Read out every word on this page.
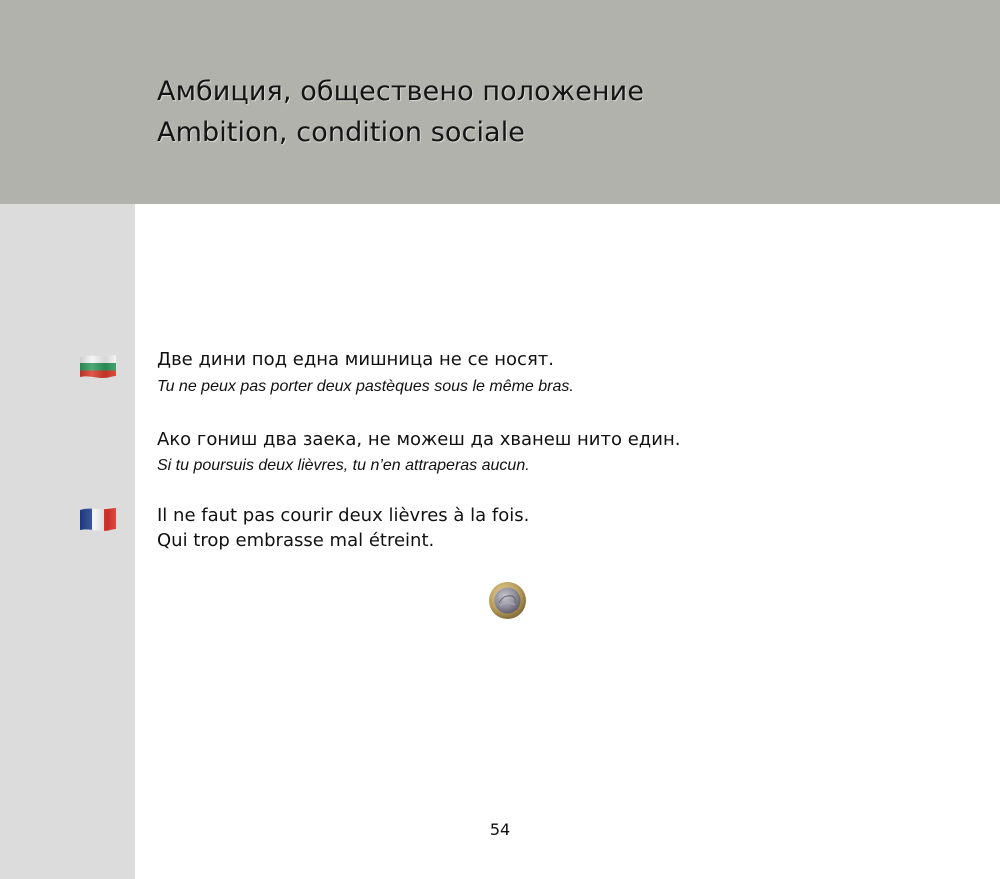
Амбиция, обществено положение
Ambition, condition sociale
Две дини под една мишница не се носят.
Tu ne peux pas porter deux pastèques sous le même bras.
Ако гониш два заека, не можеш да хванеш нито един.
Si tu poursuis deux lièvres, tu n’en attraperas aucun.
Il ne faut pas courir deux lièvres à la fois.
Qui trop embrasse mal étreint.
54
